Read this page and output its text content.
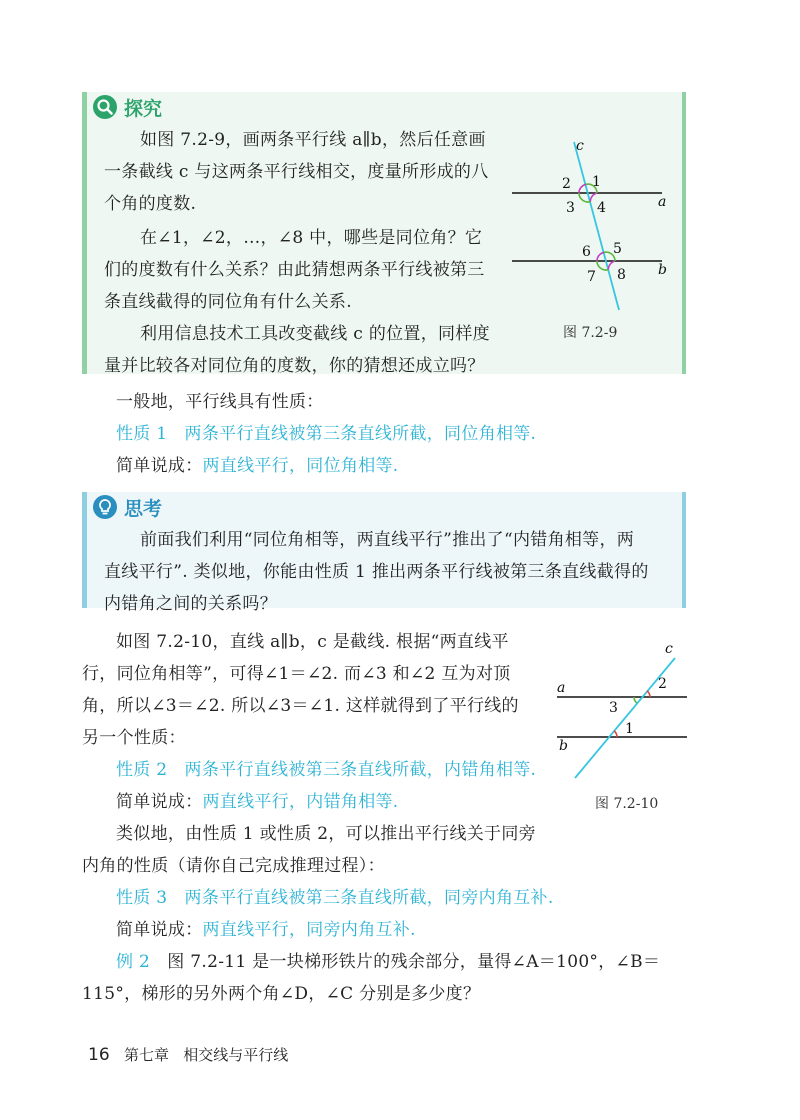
探究
如图 7.2-9，画两条平行线 a∥b，然后任意画
一条截线 c 与这两条平行线相交，度量所形成的八
个角的度数.
在∠1，∠2，…，∠8 中，哪些是同位角？它
们的度数有什么关系？由此猜想两条平行线被第三
条直线截得的同位角有什么关系.
利用信息技术工具改变截线 c 的位置，同样度
量并比较各对同位角的度数，你的猜想还成立吗？
c
a
b
1
2
3 4
5
6
7 8
图 7.2-9
一般地，平行线具有性质：
性质 1 两条平行直线被第三条直线所截，同位角相等.
简单说成：两直线平行，同位角相等.
思考
前面我们利用“同位角相等，两直线平行”推出了“内错角相等，两
直线平行”. 类似地，你能由性质 1 推出两条平行线被第三条直线截得的
内错角之间的关系吗？
如图 7.2-10，直线 a∥b，c 是截线. 根据“两直线平
行，同位角相等”，可得∠1＝∠2. 而∠3 和∠2 互为对顶
角，所以∠3＝∠2. 所以∠3＝∠1. 这样就得到了平行线的
另一个性质：
c
a
b
1
2
3
图 7.2-10
性质 2 两条平行直线被第三条直线所截，内错角相等.
简单说成：两直线平行，内错角相等.
类似地，由性质 1 或性质 2，可以推出平行线关于同旁
内角的性质（请你自己完成推理过程）：
性质 3 两条平行直线被第三条直线所截，同旁内角互补.
简单说成：两直线平行，同旁内角互补.
例 2 图 7.2-11 是一块梯形铁片的残余部分，量得∠A＝100°，∠B＝
115°，梯形的另外两个角∠D，∠C 分别是多少度？
16 第七章 相交线与平行线
